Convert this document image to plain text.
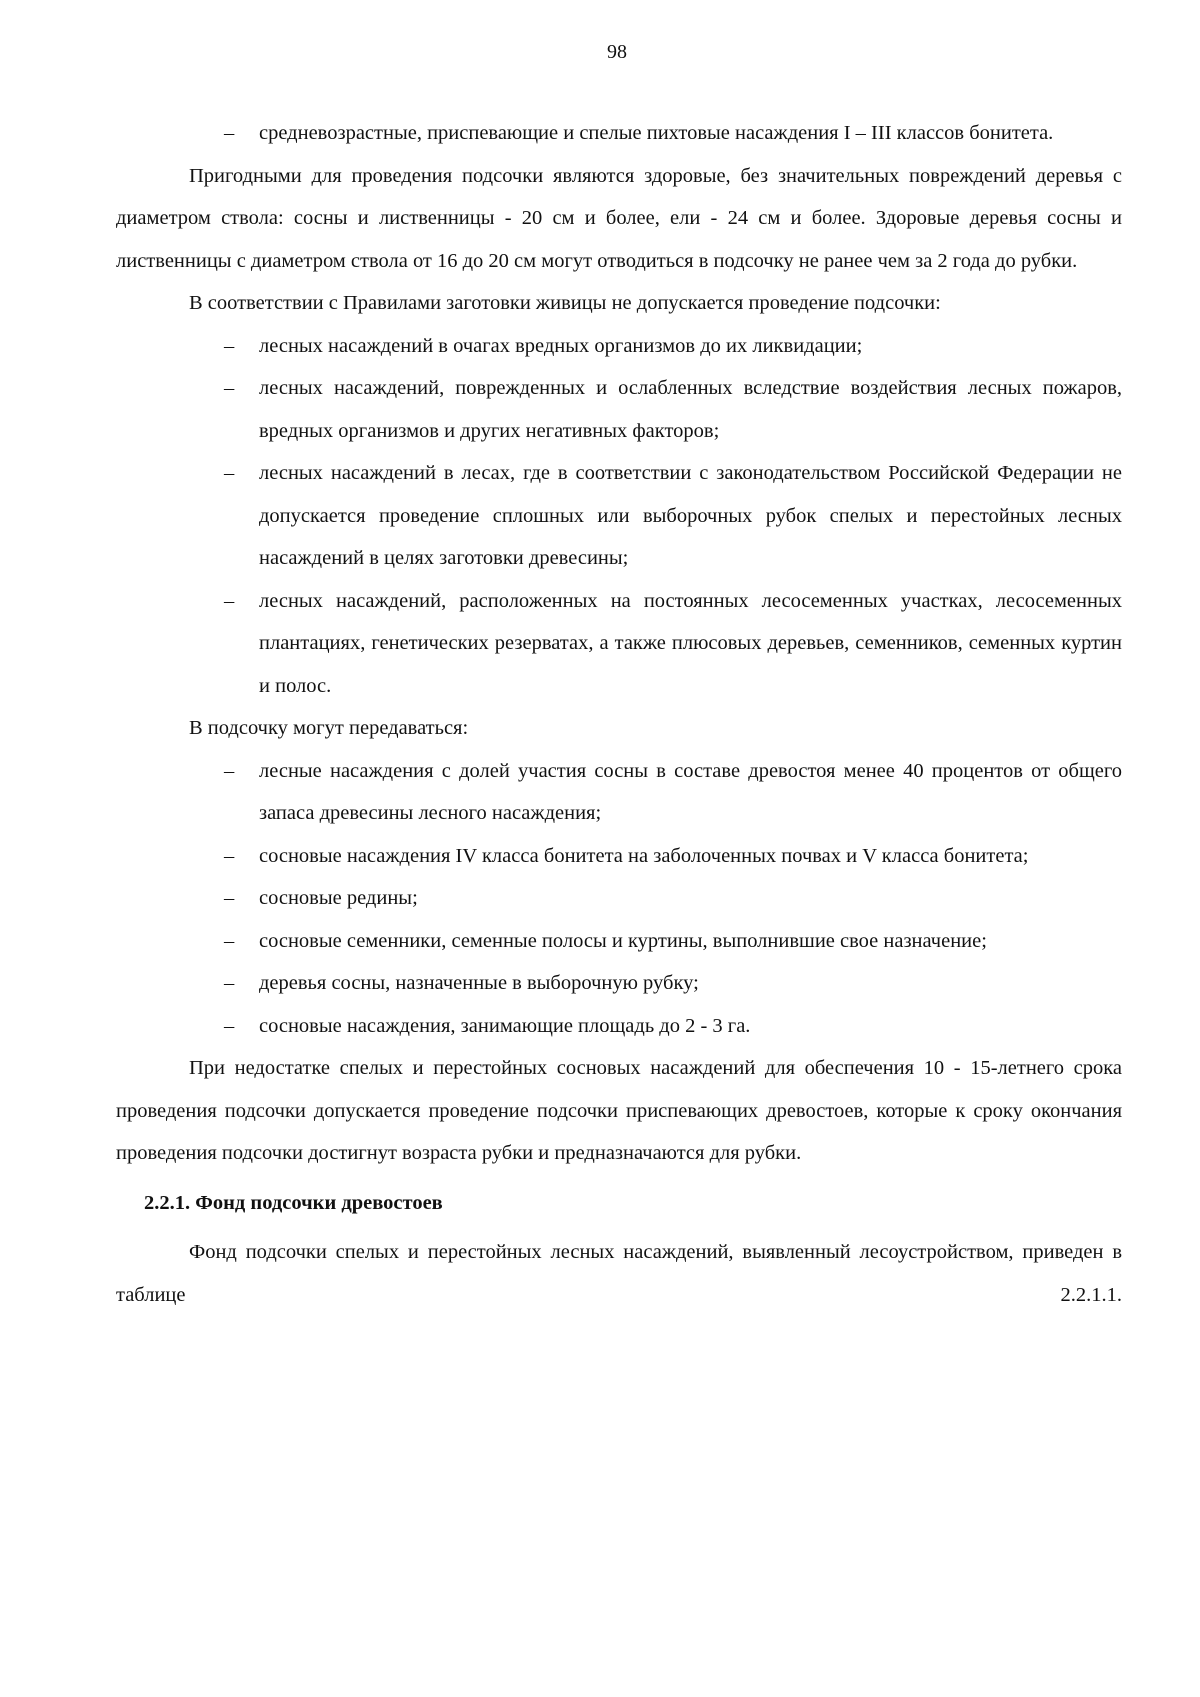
98

– средневозрастные, приспевающие и спелые пихтовые насаждения I – III классов бонитета.

Пригодными для проведения подсочки являются здоровые, без значительных повреждений деревья с диаметром ствола: сосны и лиственницы - 20 см и более, ели - 24 см и более. Здоровые деревья сосны и лиственницы с диаметром ствола от 16 до 20 см могут отводиться в подсочку не ранее чем за 2 года до рубки.

В соответствии с Правилами заготовки живицы не допускается проведение подсочки:

– лесных насаждений в очагах вредных организмов до их ликвидации;

– лесных насаждений, поврежденных и ослабленных вследствие воздействия лесных пожаров, вредных организмов и других негативных факторов;

– лесных насаждений в лесах, где в соответствии с законодательством Российской Федерации не допускается проведение сплошных или выборочных рубок спелых и перестойных лесных насаждений в целях заготовки древесины;

– лесных насаждений, расположенных на постоянных лесосеменных участках, лесосеменных плантациях, генетических резерватах, а также плюсовых деревьев, семенников, семенных куртин и полос.

В подсочку могут передаваться:

– лесные насаждения с долей участия сосны в составе древостоя менее 40 процентов от общего запаса древесины лесного насаждения;

– сосновые насаждения IV класса бонитета на заболоченных почвах и V класса бонитета;

– сосновые редины;

– сосновые семенники, семенные полосы и куртины, выполнившие свое назначение;

– деревья сосны, назначенные в выборочную рубку;

– сосновые насаждения, занимающие площадь до 2 - 3 га.

При недостатке спелых и перестойных сосновых насаждений для обеспечения 10 - 15-летнего срока проведения подсочки допускается проведение подсочки приспевающих древостоев, которые к сроку окончания проведения подсочки достигнут возраста рубки и предназначаются для рубки.

2.2.1. Фонд подсочки древостоев

Фонд подсочки спелых и перестойных лесных насаждений, выявленный лесоустройством, приведен в таблице 2.2.1.1.
